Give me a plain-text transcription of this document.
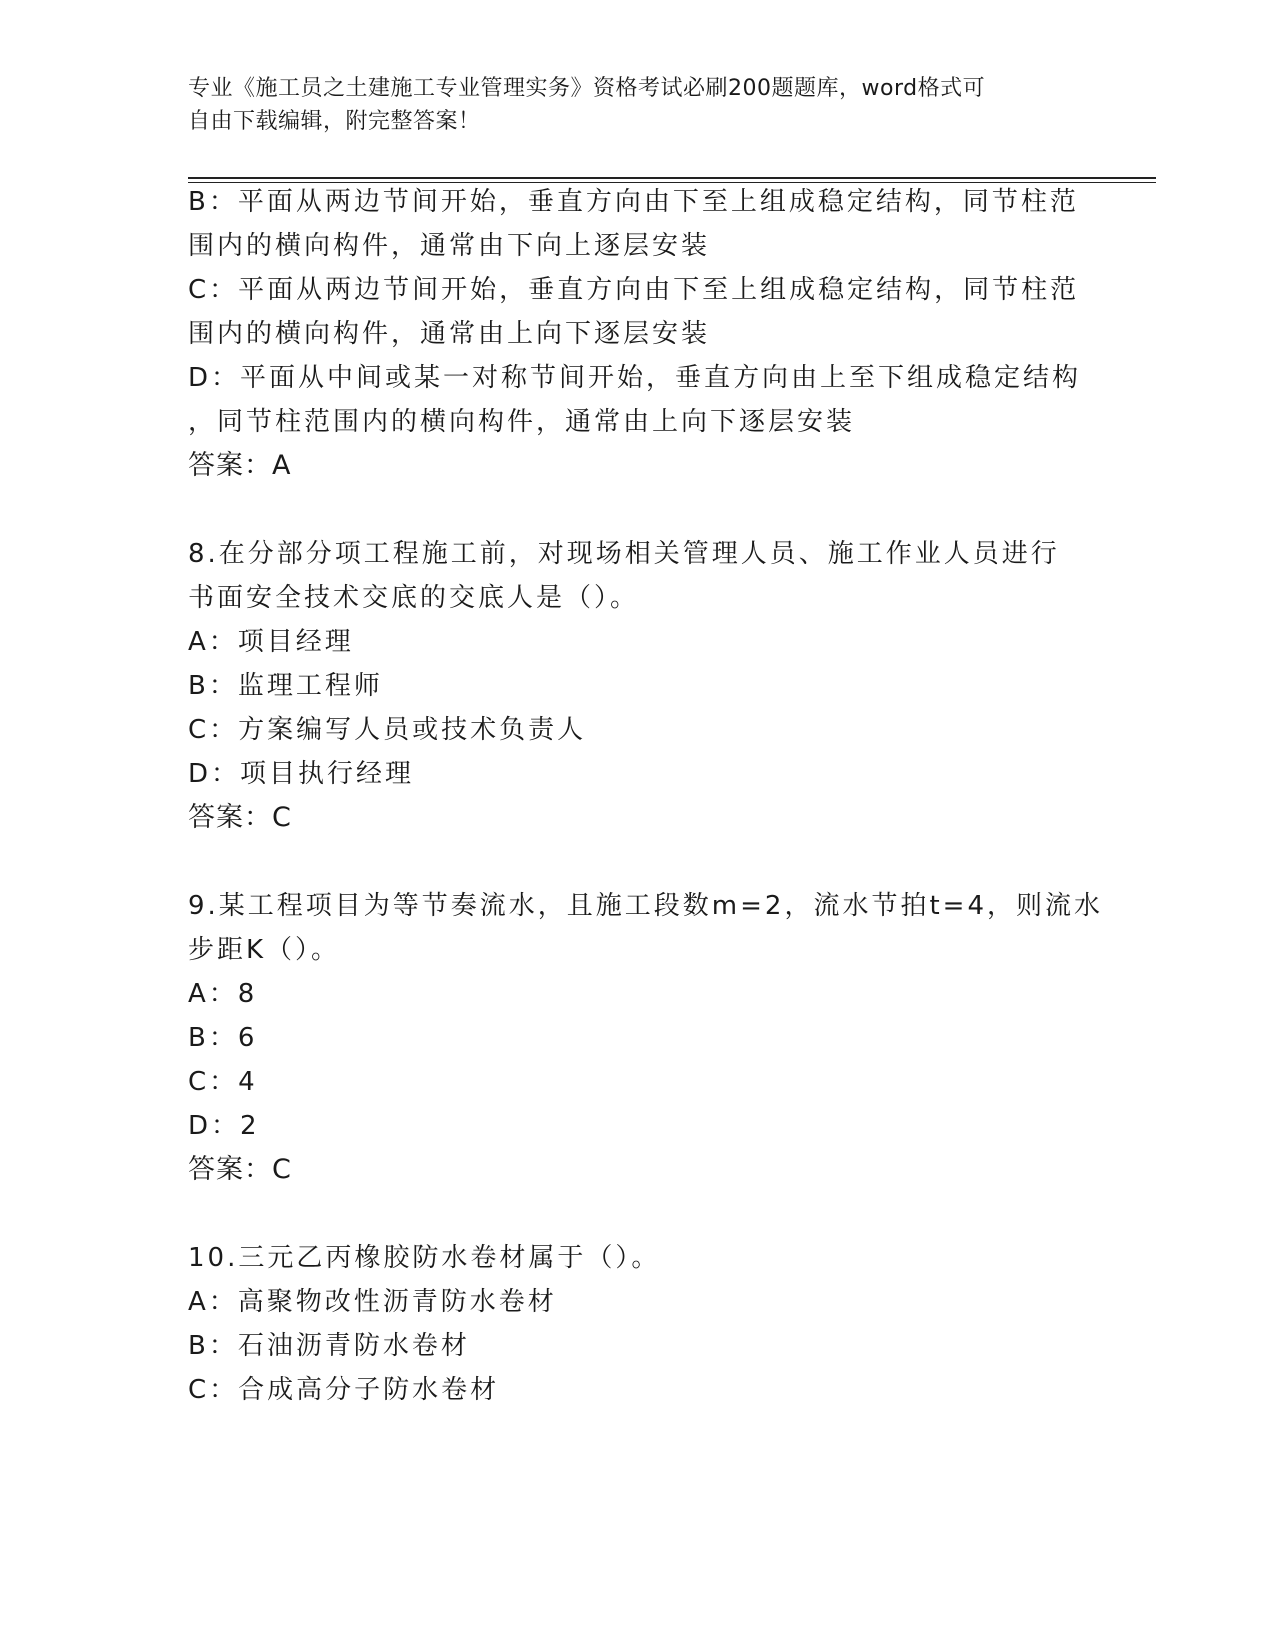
专业《施工员之土建施工专业管理实务》资格考试必刷200题题库，word格式可
自由下载编辑，附完整答案！
B：平面从两边节间开始，垂直方向由下至上组成稳定结构，同节柱范
围内的横向构件，通常由下向上逐层安装
C：平面从两边节间开始，垂直方向由下至上组成稳定结构，同节柱范
围内的横向构件，通常由上向下逐层安装
D：平面从中间或某一对称节间开始，垂直方向由上至下组成稳定结构
，同节柱范围内的横向构件，通常由上向下逐层安装
答案：A
8.在分部分项工程施工前，对现场相关管理人员、施工作业人员进行
书面安全技术交底的交底人是（）。
A：项目经理
B：监理工程师
C：方案编写人员或技术负责人
D：项目执行经理
答案：C
9.某工程项目为等节奏流水，且施工段数m=2，流水节拍t=4，则流水
步距K（）。
A：8
B：6
C：4
D：2
答案：C
10.三元乙丙橡胶防水卷材属于（）。
A：高聚物改性沥青防水卷材
B：石油沥青防水卷材
C：合成高分子防水卷材
